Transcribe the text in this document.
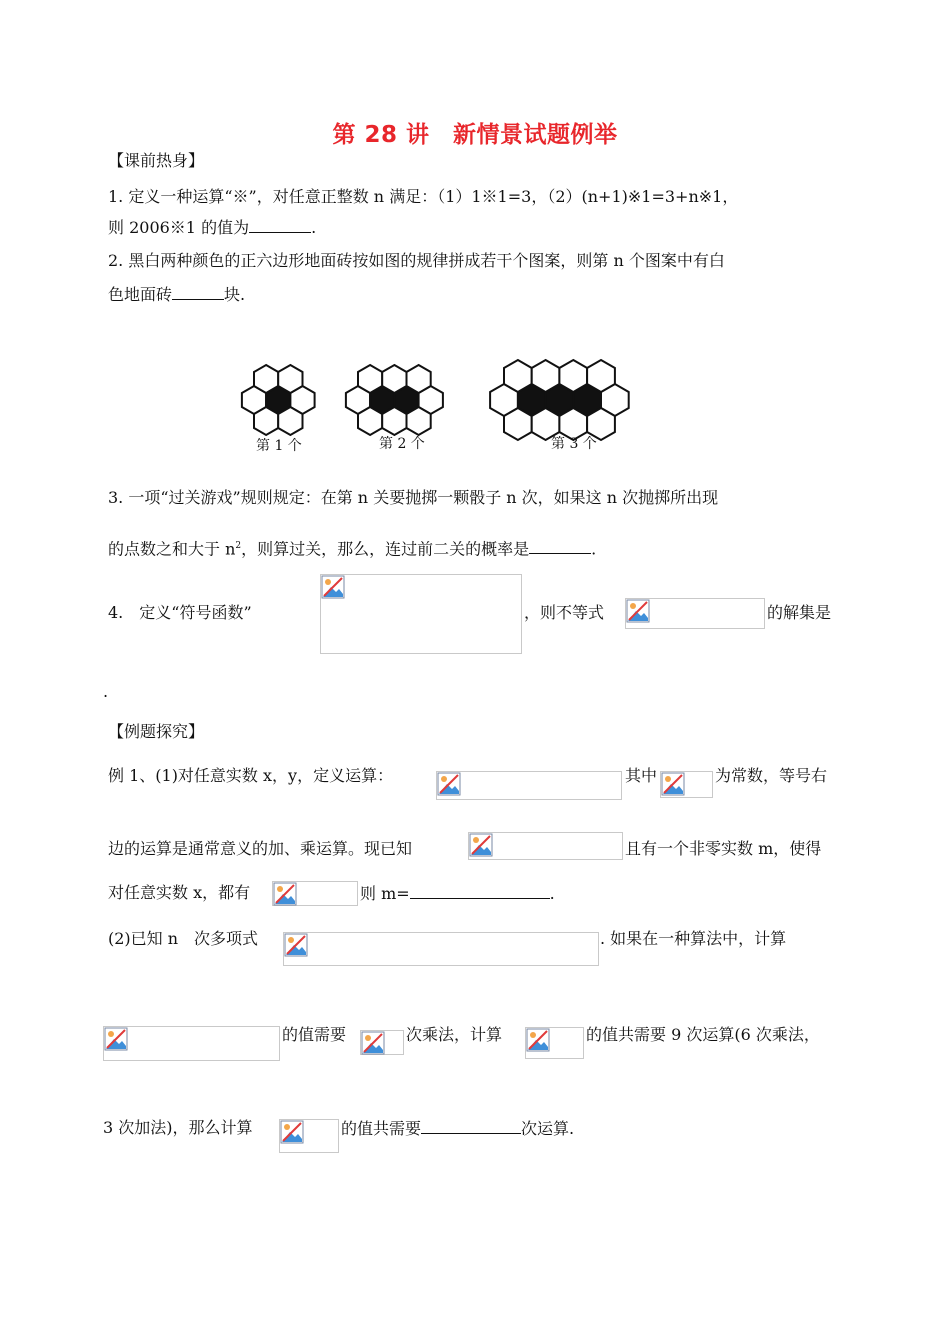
第 28 讲　新情景试题例举
【课前热身】
1. 定义一种运算“※”，对任意正整数 n 满足：（1）1※1=3，（2）(n+1)※1=3+n※1，
则 2006※1 的值为	.
2. 黑白两种颜色的正六边形地面砖按如图的规律拼成若干个图案，则第 n 个图案中有白
色地面砖	块.
第 1 个	第 2 个	第 3 个
3. 一项“过关游戏”规则规定：在第 n 关要抛掷一颗骰子 n 次，如果这 n 次抛掷所出现
的点数之和大于 $n^2$，则算过关，那么，连过前二关的概率是	.
4.　定义“符号函数”	，则不等式	的解集是
.
【例题探究】
例 1、(1)对任意实数 x，y，定义运算：	其中	为常数，等号右
边的运算是通常意义的加、乘运算。现已知	且有一个非零实数 m，使得
对任意实数 x，都有	则 m=	.
(2)已知 n　次多项式	. 如果在一种算法中，计算
的值需要	次乘法，计算	的值共需要 9 次运算(6 次乘法，
3 次加法)，那么计算	的值共需要	次运算.
